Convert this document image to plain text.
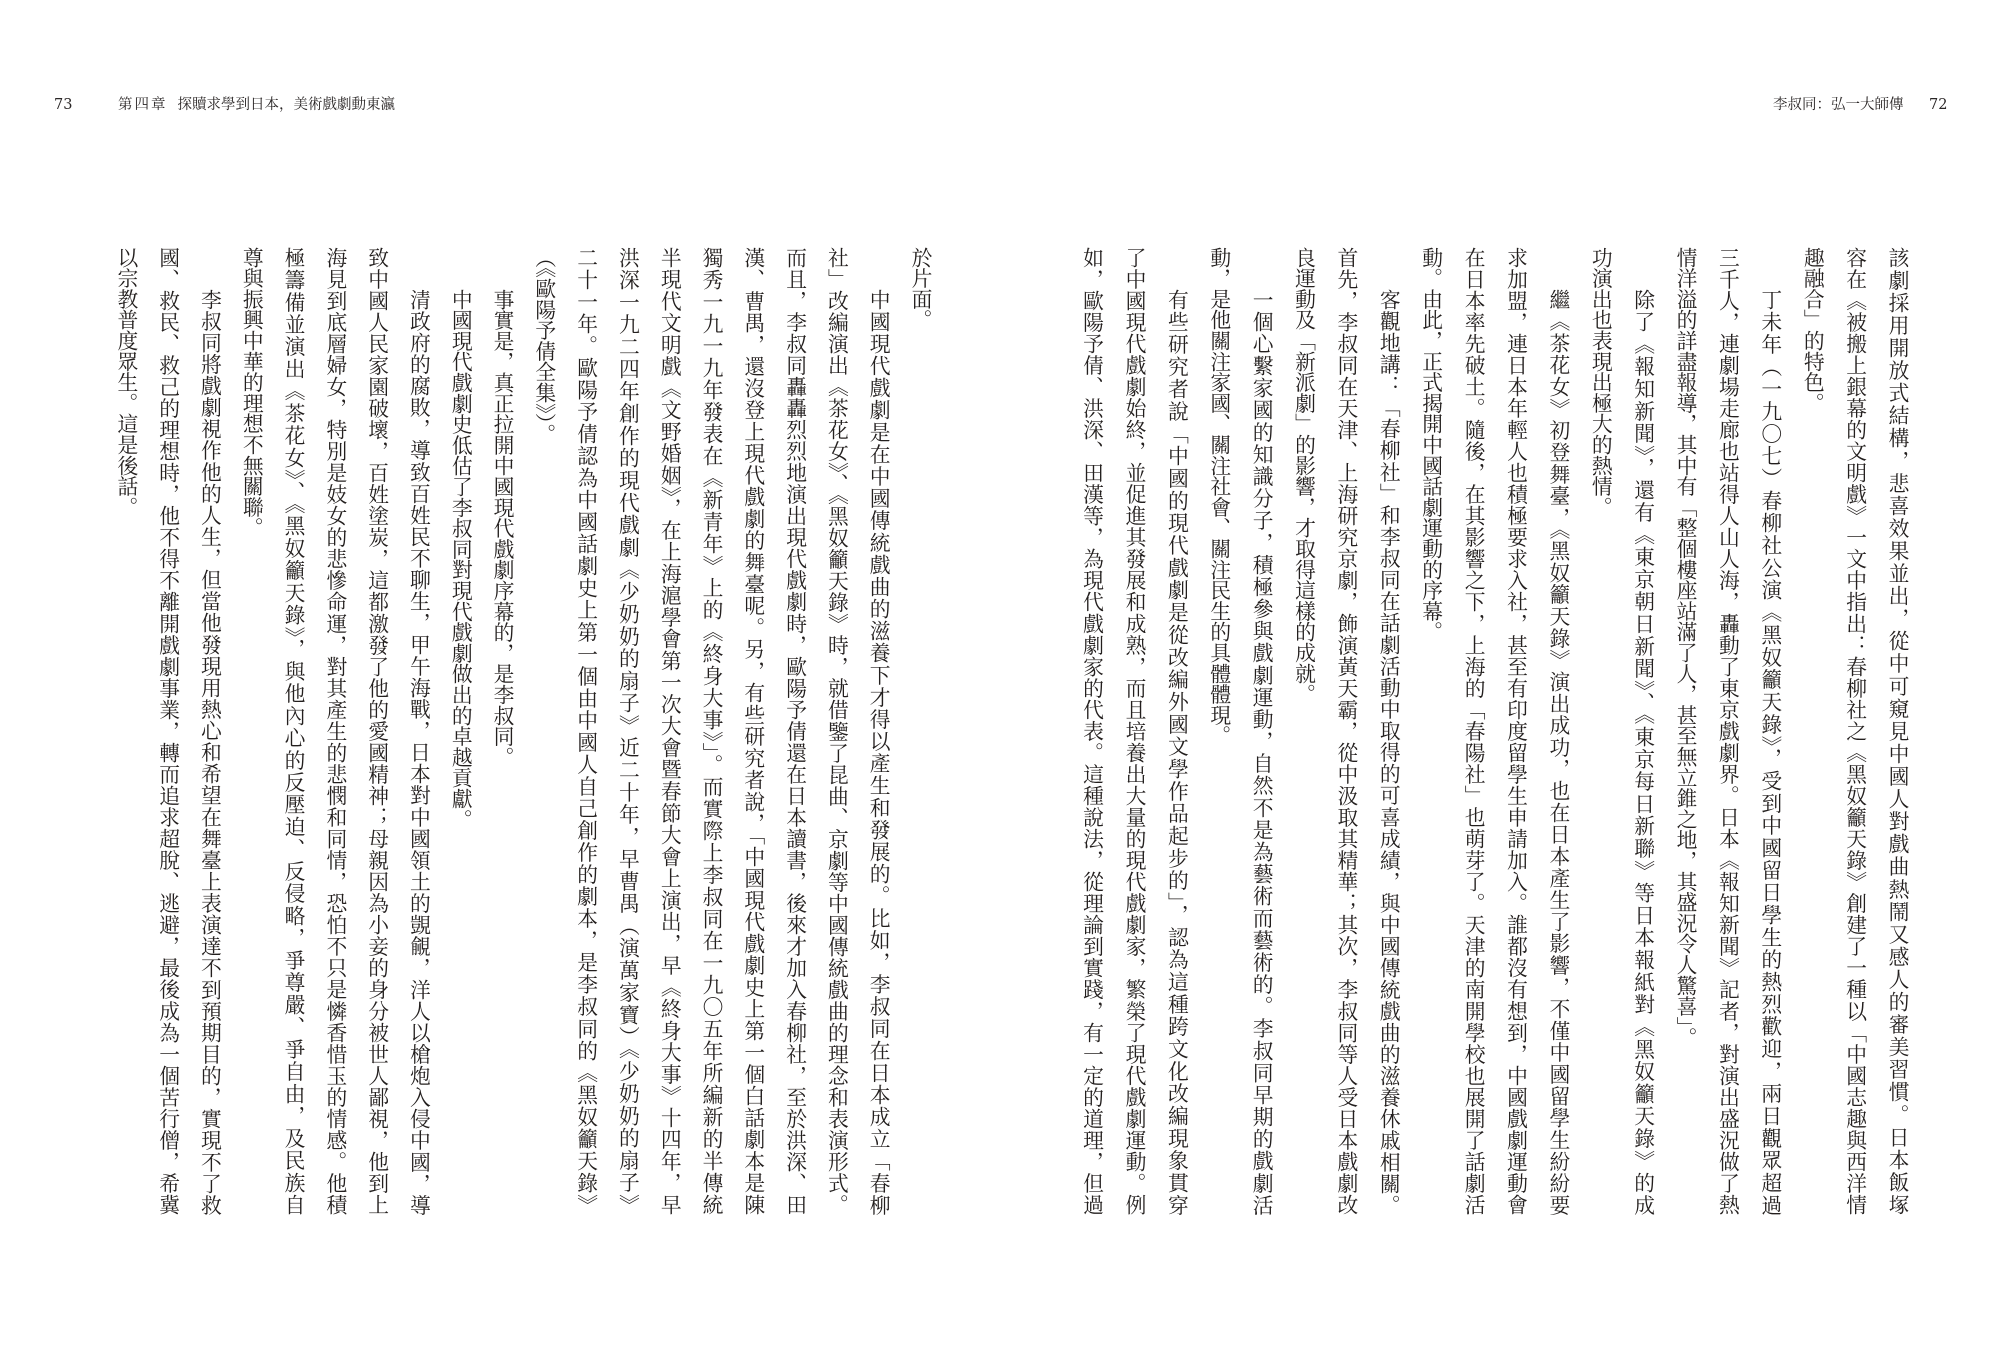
73	第四章 探贖求學到日本，美術戲劇動東瀛
於片面。
中國現代戲劇是在中國傳統戲曲的滋養下才得以產生和發展的。比如，李叔同在日本成立「春柳
社」改編演出《茶花女》、《黑奴籲天錄》時，就借鑒了昆曲、京劇等中國傳統戲曲的理念和表演形式。
而且，李叔同轟轟烈烈地演出現代戲劇時，歐陽予倩還在日本讀書，後來才加入春柳社，至於洪深、田
漢、曹禺，還沒登上現代戲劇的舞臺呢。另，有些研究者說，「中國現代戲劇史上第一個白話劇本是陳
獨秀一九一九年發表在《新青年》上的《終身大事》」。而實際上李叔同在一九〇五年所編新的半傳統
半現代文明戲《文野婚姻》，在上海滬學會第一次大會暨春節大會上演出，早《終身大事》十四年，早
洪深一九二四年創作的現代戲劇《少奶奶的扇子》近二十年，早曹禺（演萬家寶）《少奶奶的扇子》
二十一年。歐陽予倩認為中國話劇史上第一個由中國人自己創作的劇本，是李叔同的《黑奴籲天錄》
（《歐陽予倩全集》）。
事實是，真正拉開中國現代戲劇序幕的，是李叔同。
中國現代戲劇史低估了李叔同對現代戲劇做出的卓越貢獻。
清政府的腐敗，導致百姓民不聊生，甲午海戰，日本對中國領土的覬覦，洋人以槍炮入侵中國，導
致中國人民家園破壞，百姓塗炭，這都激發了他的愛國精神；母親因為小妾的身分被世人鄙視，他到上
海見到底層婦女，特別是妓女的悲慘命運，對其產生的悲憫和同情，恐怕不只是憐香惜玉的情感。他積
極籌備並演出《茶花女》、《黑奴籲天錄》，與他內心的反壓迫、反侵略，爭尊嚴、爭自由，及民族自
尊與振興中華的理想不無關聯。
李叔同將戲劇視作他的人生，但當他發現用熱心和希望在舞臺上表演達不到預期目的，實現不了救
國、救民、救己的理想時，他不得不離開戲劇事業，轉而追求超脫、逃避，最後成為一個苦行僧，希冀
以宗教普度眾生。這是後話。
李叔同：弘一大師傳 72
該劇採用開放式結構，悲喜效果並出，從中可窺見中國人對戲曲熱鬧又感人的審美習慣。日本飯塚
容在《被搬上銀幕的文明戲》一文中指出：春柳社之《黑奴籲天錄》創建了一種以「中國志趣與西洋情
趣融合」的特色。
丁未年（一九〇七）春柳社公演《黑奴籲天錄》，受到中國留日學生的熱烈歡迎，兩日觀眾超過
三千人，連劇場走廊也站得人山人海，轟動了東京戲劇界。日本《報知新聞》記者，對演出盛況做了熱
情洋溢的詳盡報導，其中有「整個樓座站滿了人，甚至無立錐之地，其盛況令人驚喜」。
除了《報知新聞》，還有《東京朝日新聞》、《東京每日新聯》等日本報紙對《黑奴籲天錄》的成
功演出也表現出極大的熱情。
繼《茶花女》初登舞臺，《黑奴籲天錄》演出成功，也在日本產生了影響，不僅中國留學生紛紛要
求加盟，連日本年輕人也積極要求入社，甚至有印度留學生申請加入。誰都沒有想到，中國戲劇運動會
在日本率先破土。隨後，在其影響之下，上海的「春陽社」也萌芽了。天津的南開學校也展開了話劇活
動。由此，正式揭開中國話劇運動的序幕。
客觀地講：「春柳社」和李叔同在話劇活動中取得的可喜成績，與中國傳統戲曲的滋養休戚相關。
首先，李叔同在天津、上海研究京劇，飾演黃天霸，從中汲取其精華；其次，李叔同等人受日本戲劇改
良運動及「新派劇」的影響，才取得這樣的成就。
一個心繫家國的知識分子，積極參與戲劇運動，自然不是為藝術而藝術的。李叔同早期的戲劇活
動，是他關注家國、關注社會、關注民生的具體體現。
有些研究者說「中國的現代戲劇是從改編外國文學作品起步的」，認為這種跨文化改編現象貫穿
了中國現代戲劇始終，並促進其發展和成熟，而且培養出大量的現代戲劇家，繁榮了現代戲劇運動。例
如，歐陽予倩、洪深、田漢等，為現代戲劇家的代表。這種說法，從理論到實踐，有一定的道理，但過
